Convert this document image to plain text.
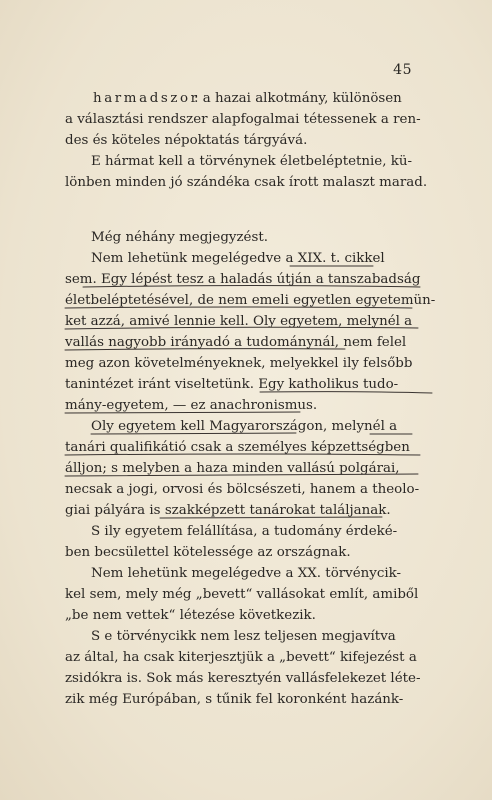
45
harmadszor
: a hazai alkotmány, különösen
a választási rendszer alapfogalmai tétessenek a ren-
des és köteles népoktatás tárgyává.
E hármat kell a törvénynek életbeléptetnie, kü-
lönben minden jó szándéka csak írott malaszt marad.
Még néhány megjegyzést.
Nem lehetünk megelégedve a XIX. t. cikkel
sem. Egy lépést tesz a haladás útján a tanszabadság
életbeléptetésével, de nem emeli egyetlen egyetemün-
ket azzá, amivé lennie kell. Oly egyetem, melynél a
vallás nagyobb irányadó a tudománynál, nem felel
meg azon követelményeknek, melyekkel ily felsőbb
tanintézet iránt viseltetünk. Egy katholikus tudo-
mány-egyetem, — ez anachronismus.
Oly egyetem kell Magyarországon, melynél a
tanári qualifikátió csak a személyes képzettségben
álljon; s melyben a haza minden vallású polgárai,
necsak a jogi, orvosi és bölcsészeti, hanem a theolo-
giai pályára is szakképzett tanárokat találjanak.
S ily egyetem felállítása, a tudomány érdeké-
ben becsülettel kötelessége az országnak.
Nem lehetünk megelégedve a XX. törvénycik-
kel sem, mely még „bevett“ vallásokat említ, amiből
„be nem vettek“ létezése következik.
S e törvénycikk nem lesz teljesen megjavítva
az által, ha csak kiterjesztjük a „bevett“ kifejezést a
zsidókra is. Sok más keresztyén vallásfelekezet léte-
zik még Európában, s tűnik fel koronként hazánk-
